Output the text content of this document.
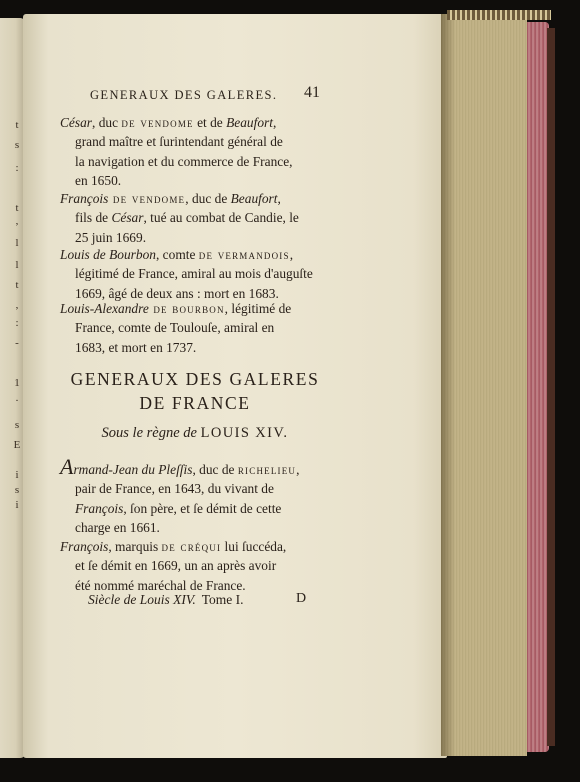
t
s
:
t
,
l
l
t
,
:
-
1
.
s
E
i
s
i
GENERAUX DES GALERES. 41
César, duc de vendome et de Beaufort,
grand maître et ſurintendant général de
la navigation et du commerce de France,
en 1650.
François de vendome, duc de Beaufort,
fils de César, tué au combat de Candie, le
25 juin 1669.
Louis de Bourbon, comte de vermandois,
légitimé de France, amiral au mois d'auguſte
1669, âgé de deux ans : mort en 1683.
Louis-Alexandre de bourbon, légitimé de
France, comte de Toulouſe, amiral en
1683, et mort en 1737.
GENERAUX DES GALERES
DE FRANCE
Sous le règne de LOUIS XIV.
Armand-Jean du Pleſſis, duc de richelieu,
pair de France, en 1643, du vivant de
François, ſon père, et ſe démit de cette
charge en 1661.
François, marquis de créqui lui ſuccéda,
et ſe démit en 1669, un an après avoir
été nommé maréchal de France.
Siècle de Louis XIV. Tome I.	D
